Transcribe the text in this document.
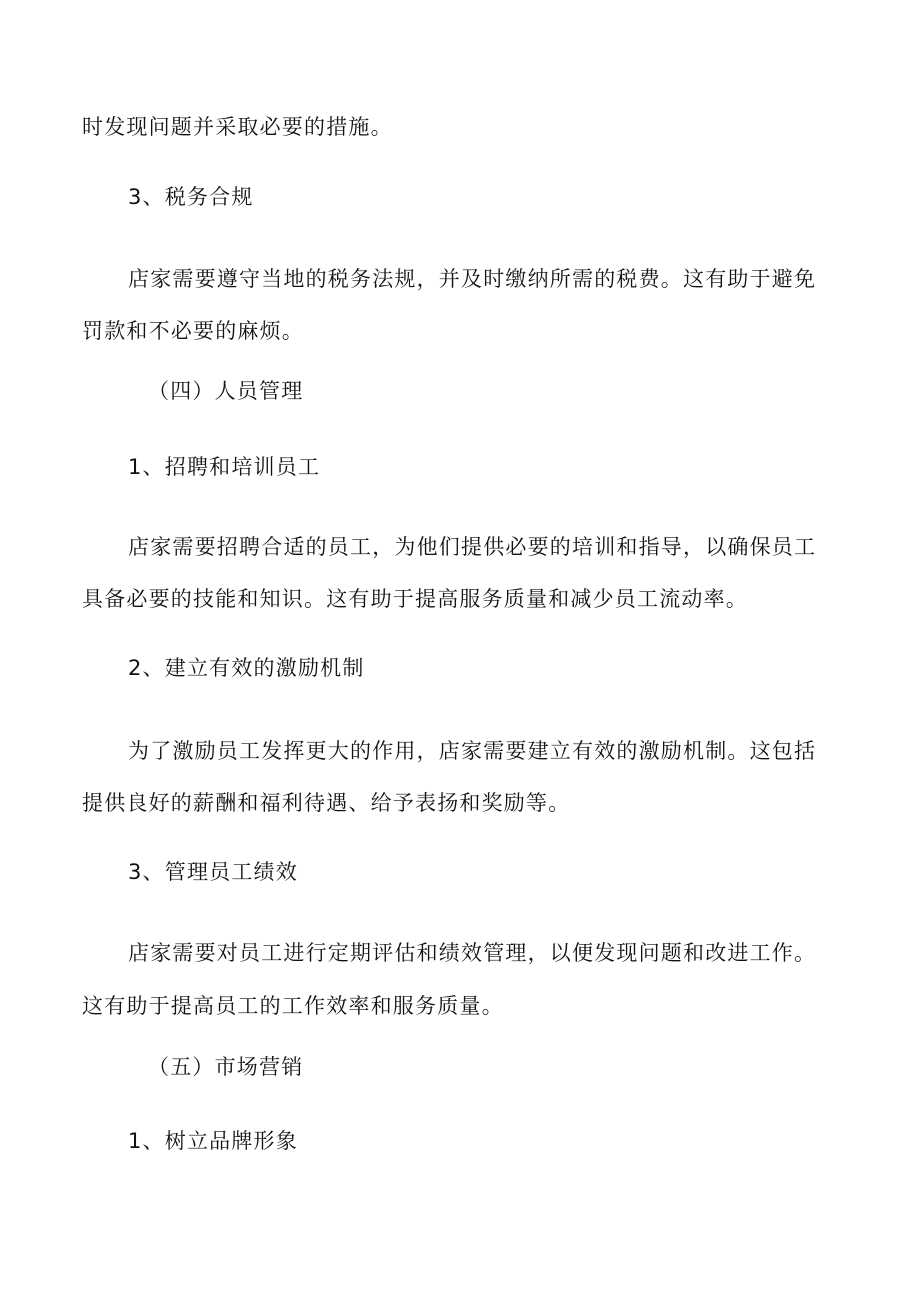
时发现问题并采取必要的措施。
3、税务合规
店家需要遵守当地的税务法规，并及时缴纳所需的税费。这有助于避免
罚款和不必要的麻烦。
（四）人员管理
1、招聘和培训员工
店家需要招聘合适的员工，为他们提供必要的培训和指导，以确保员工
具备必要的技能和知识。这有助于提高服务质量和减少员工流动率。
2、建立有效的激励机制
为了激励员工发挥更大的作用，店家需要建立有效的激励机制。这包括
提供良好的薪酬和福利待遇、给予表扬和奖励等。
3、管理员工绩效
店家需要对员工进行定期评估和绩效管理，以便发现问题和改进工作。
这有助于提高员工的工作效率和服务质量。
（五）市场营销
1、树立品牌形象
